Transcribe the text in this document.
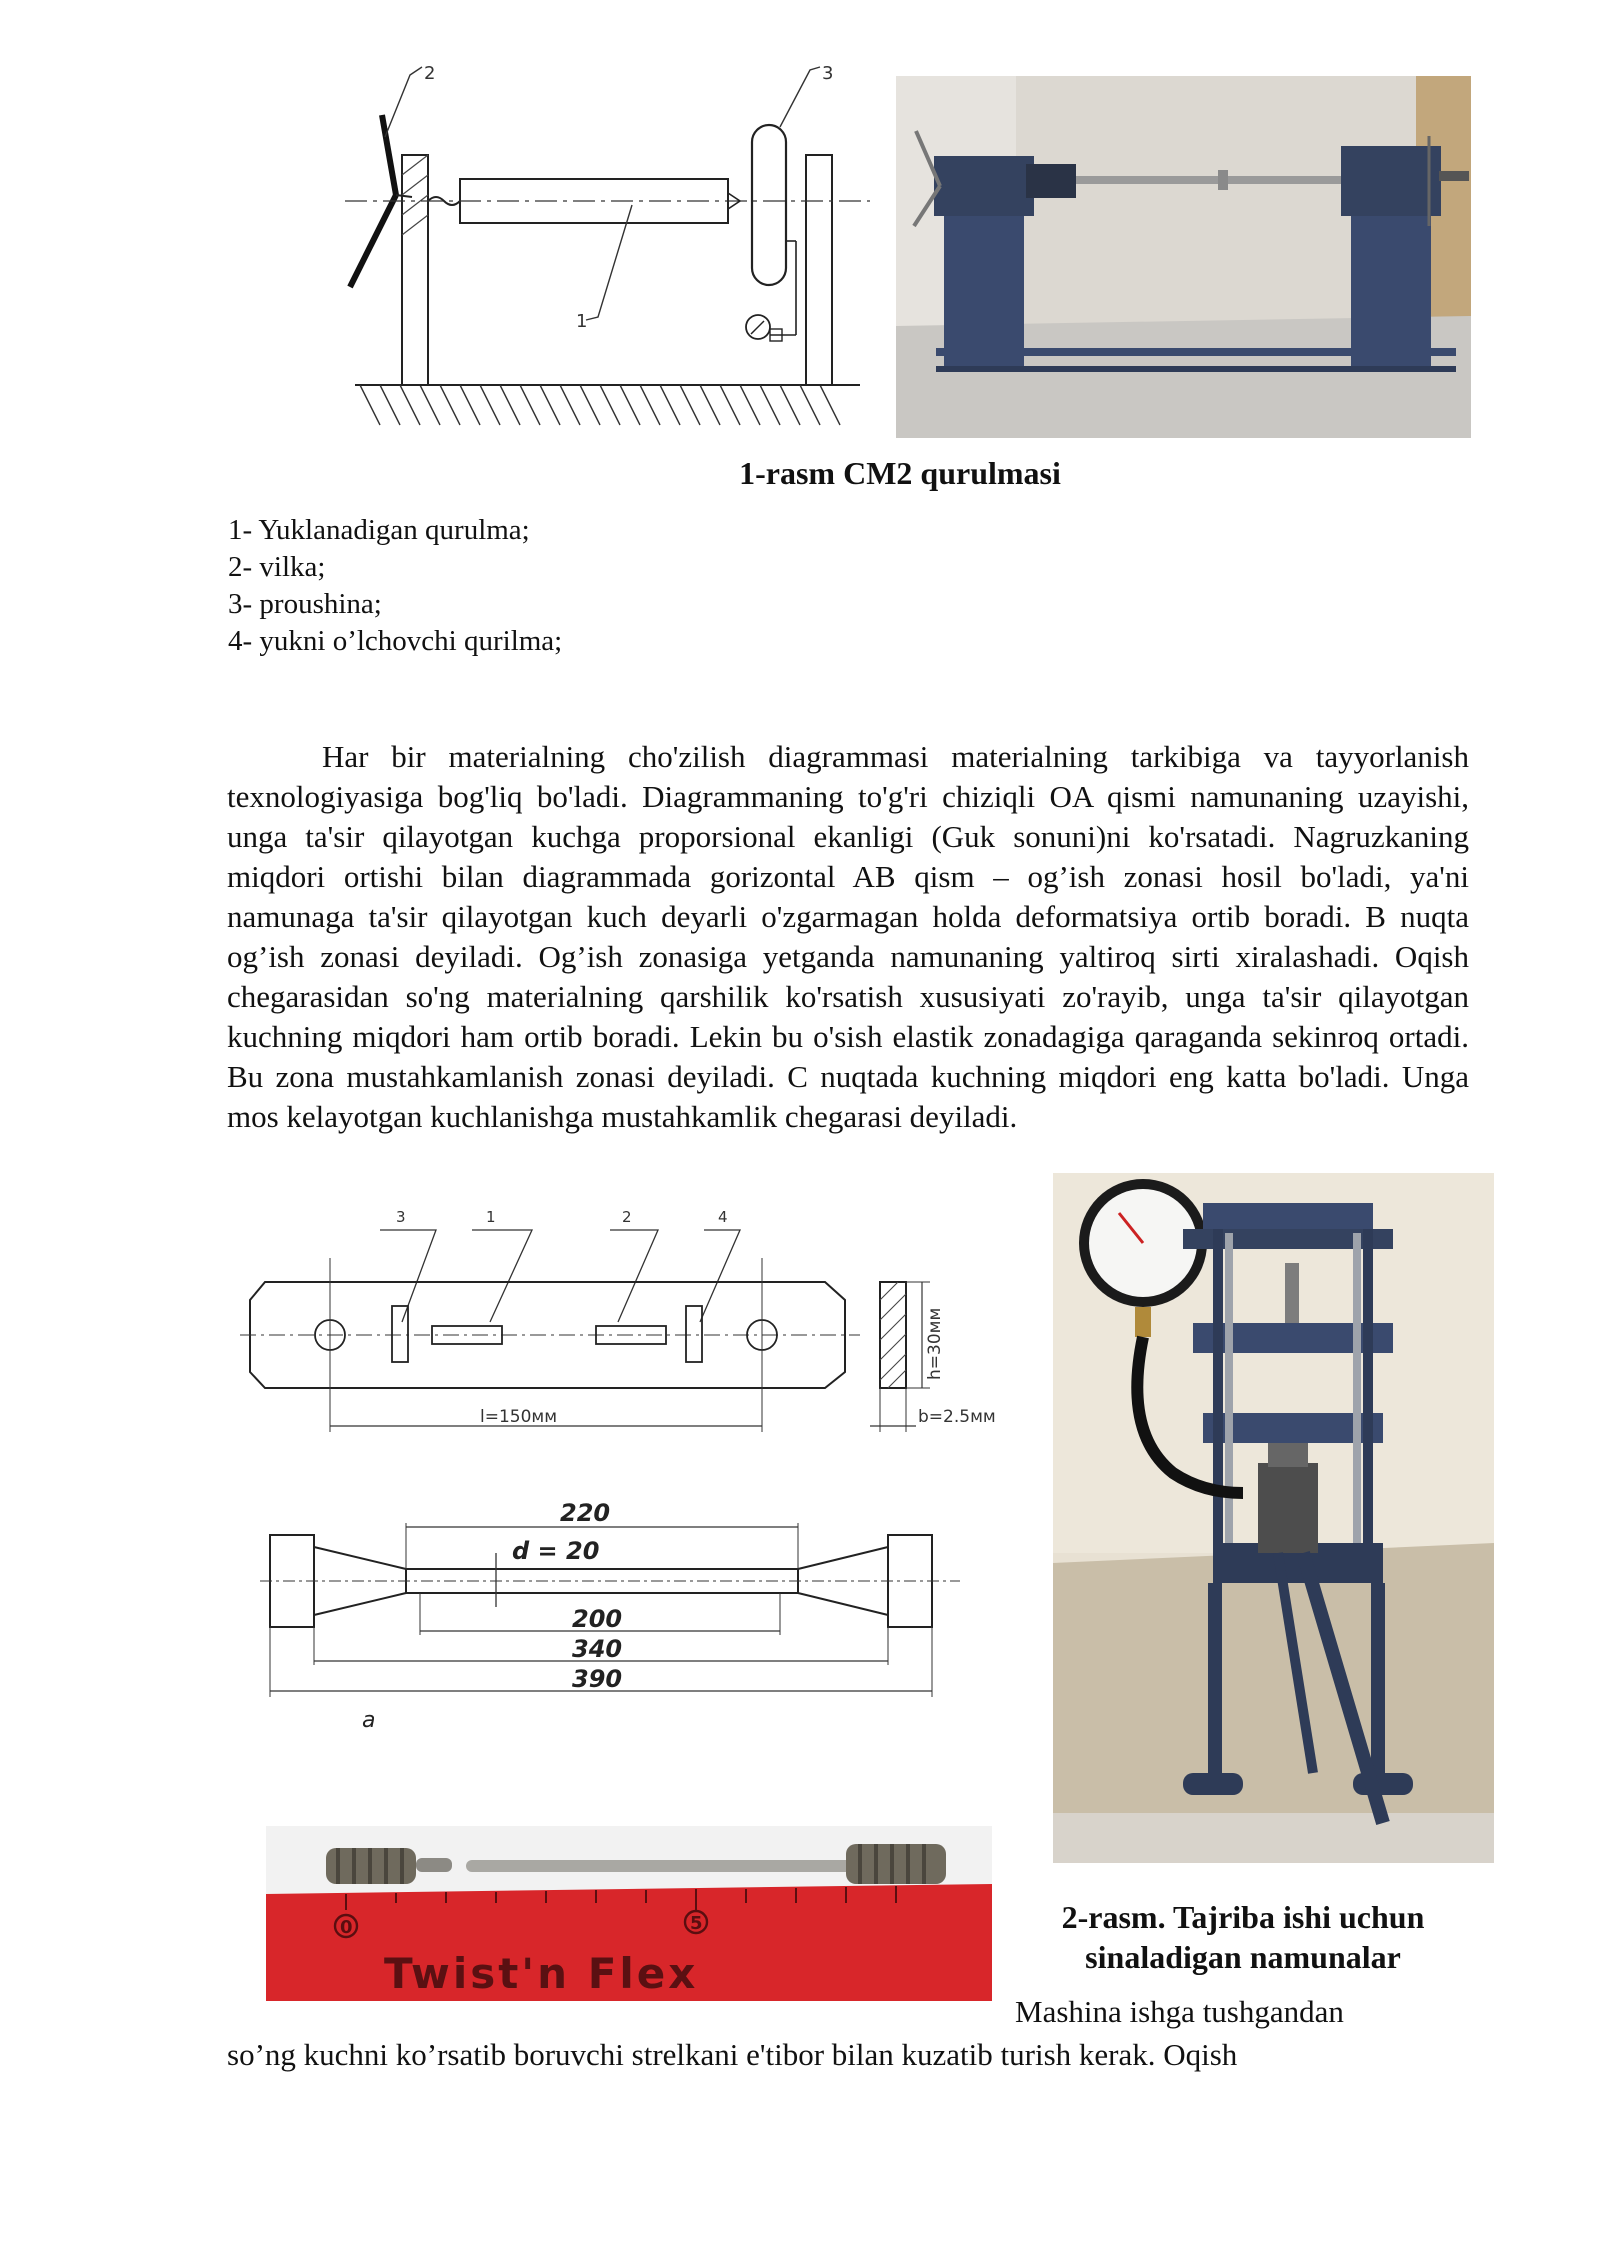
2	3
1
1-rasm CM2 qurulmasi
1- Yuklanadigan qurulma;
2- vilka;
3- proushina;
4- yukni o’lchovchi qurilma;
Har bir materialning cho'zilish diagrammasi materialning tarkibiga va tayyorlanish texnologiyasiga bog'liq bo'ladi. Diagrammaning to'g'ri chiziqli OA qismi namunaning uzayishi, unga ta'sir qilayotgan kuchga proporsional ekanligi (Guk sonuni)ni ko'rsatadi. Nagruzkaning miqdori ortishi bilan diagrammada gorizontal AB qism – og’ish zonasi hosil bo'ladi, ya'ni namunaga ta'sir qilayotgan kuch deyarli o'zgarmagan holda deformatsiya ortib boradi. B nuqta og’ish zonasi deyiladi. Og’ish zonasiga yetganda namunaning yaltiroq sirti xiralashadi. Oqish chegarasidan so'ng materialning qarshilik ko'rsatish xususiyati zo'rayib, unga ta'sir qilayotgan kuchning miqdori ham ortib boradi. Lekin bu o'sish elastik zonadagiga qaraganda sekinroq ortadi. Bu zona mustahkamlanish zonasi deyiladi. C nuqtada kuchning miqdori eng katta bo'ladi. Unga mos kelayotgan kuchlanishga mustahkamlik chegarasi deyiladi.
3	1	2	4
l=150мм
h=30мм
b=2.5мм
220
d = 20
200
340
390
a
0	5
Twist'n Flex
2-rasm. Tajriba ishi uchun
sinaladigan namunalar
Mashina ishga tushgandan
so’ng kuchni ko’rsatib boruvchi strelkani e'tibor bilan kuzatib turish kerak. Oqish
